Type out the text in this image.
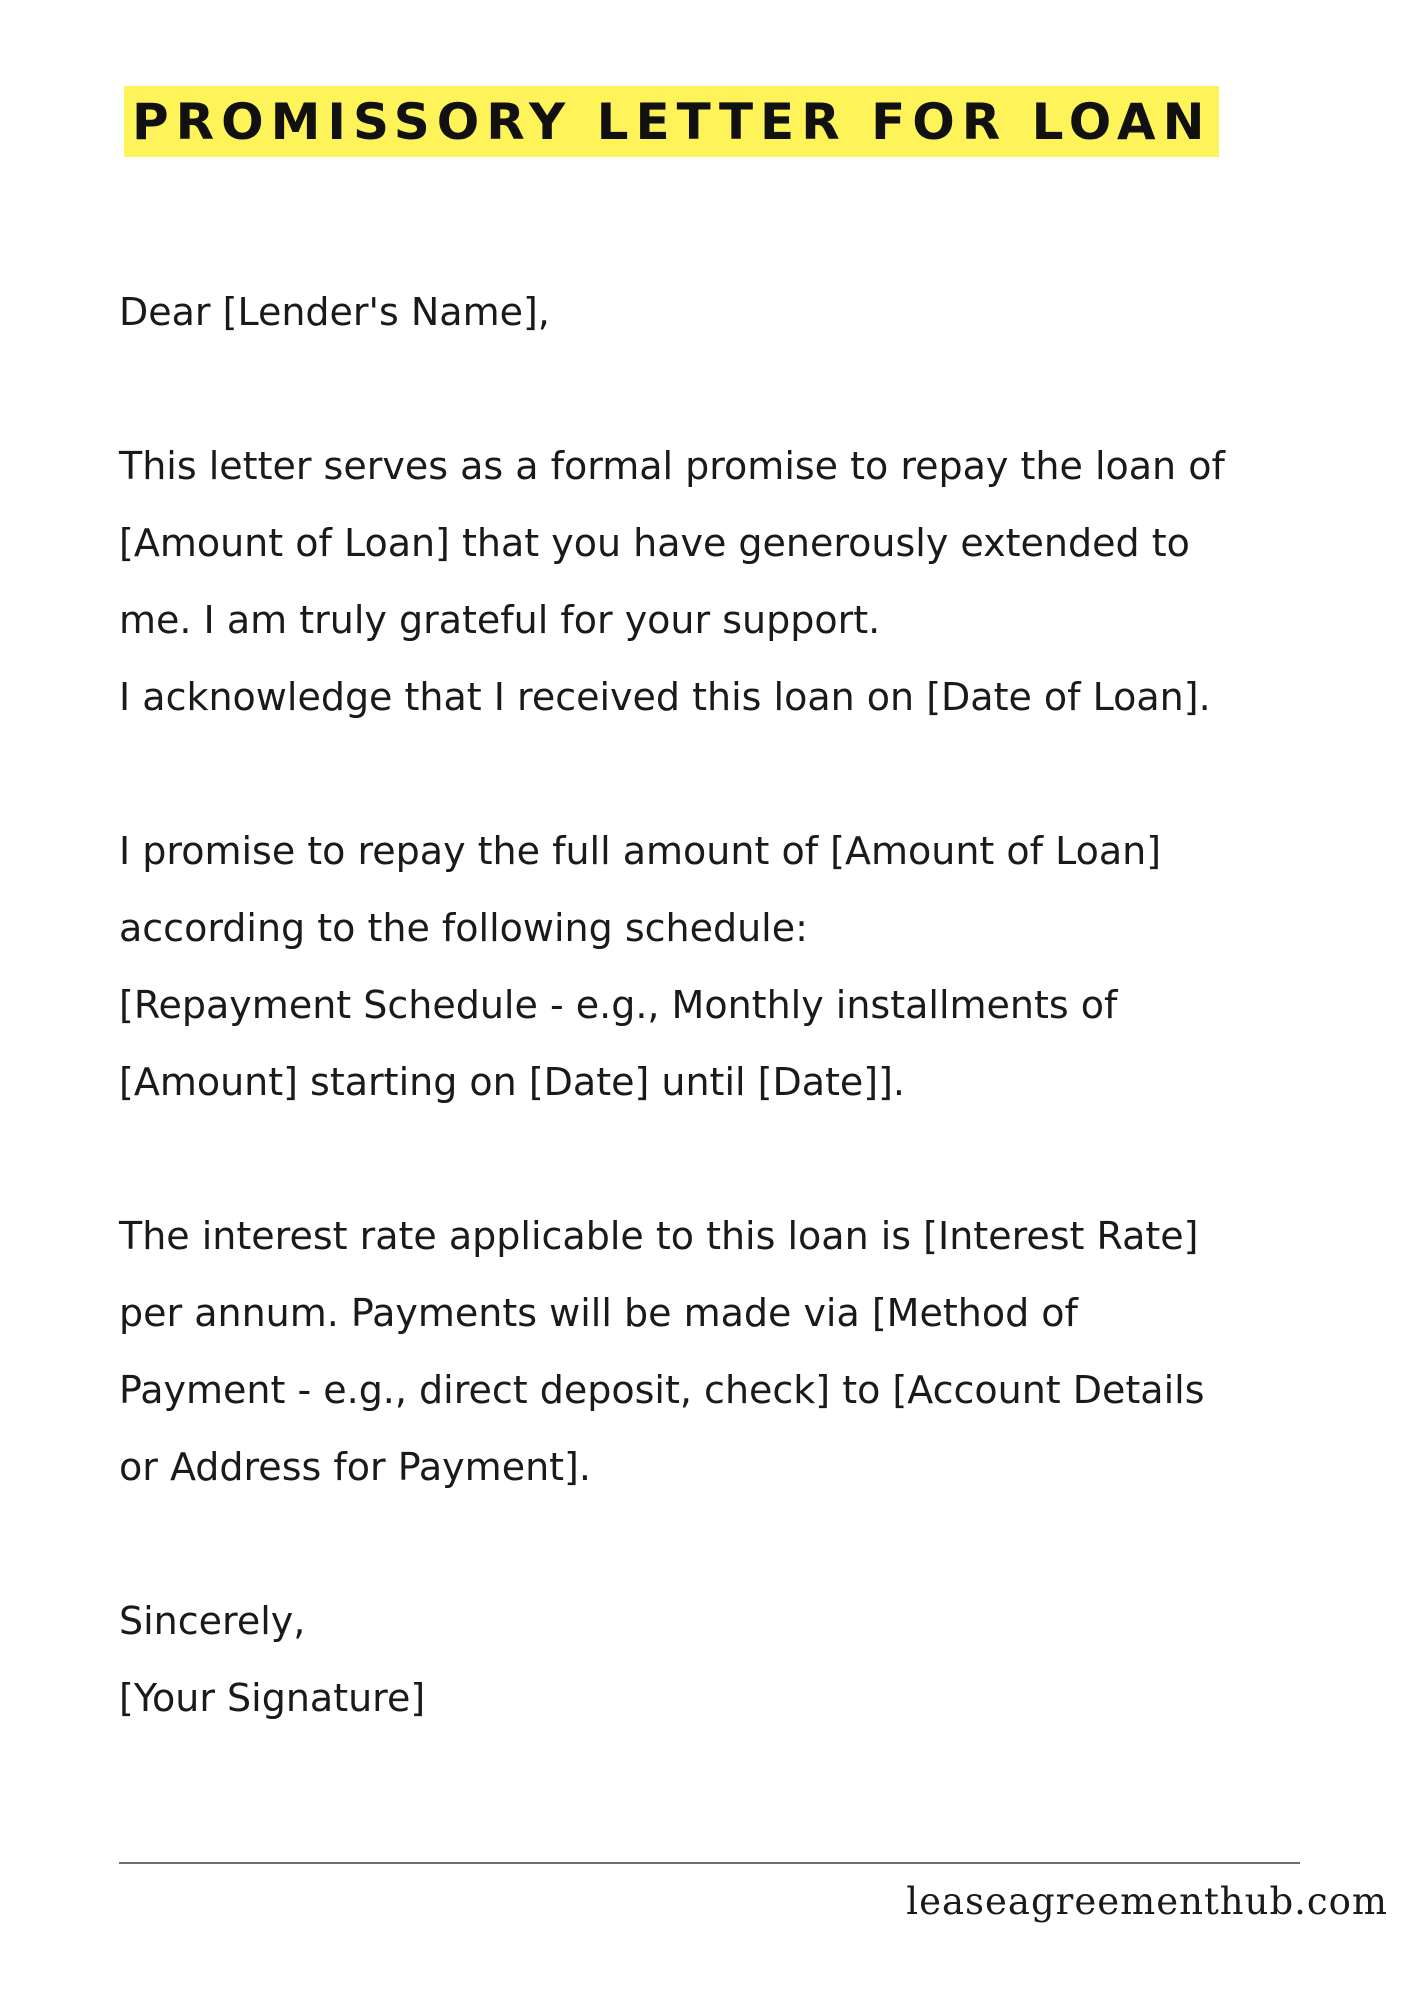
PROMISSORY LETTER FOR LOAN
Dear [Lender's Name],
This letter serves as a formal promise to repay the loan of
[Amount of Loan] that you have generously extended to
me. I am truly grateful for your support.
I acknowledge that I received this loan on [Date of Loan].
I promise to repay the full amount of [Amount of Loan]
according to the following schedule:
[Repayment Schedule - e.g., Monthly installments of
[Amount] starting on [Date] until [Date]].
The interest rate applicable to this loan is [Interest Rate]
per annum. Payments will be made via [Method of
Payment - e.g., direct deposit, check] to [Account Details
or Address for Payment].
Sincerely,
[Your Signature]
leaseagreementhub.com
